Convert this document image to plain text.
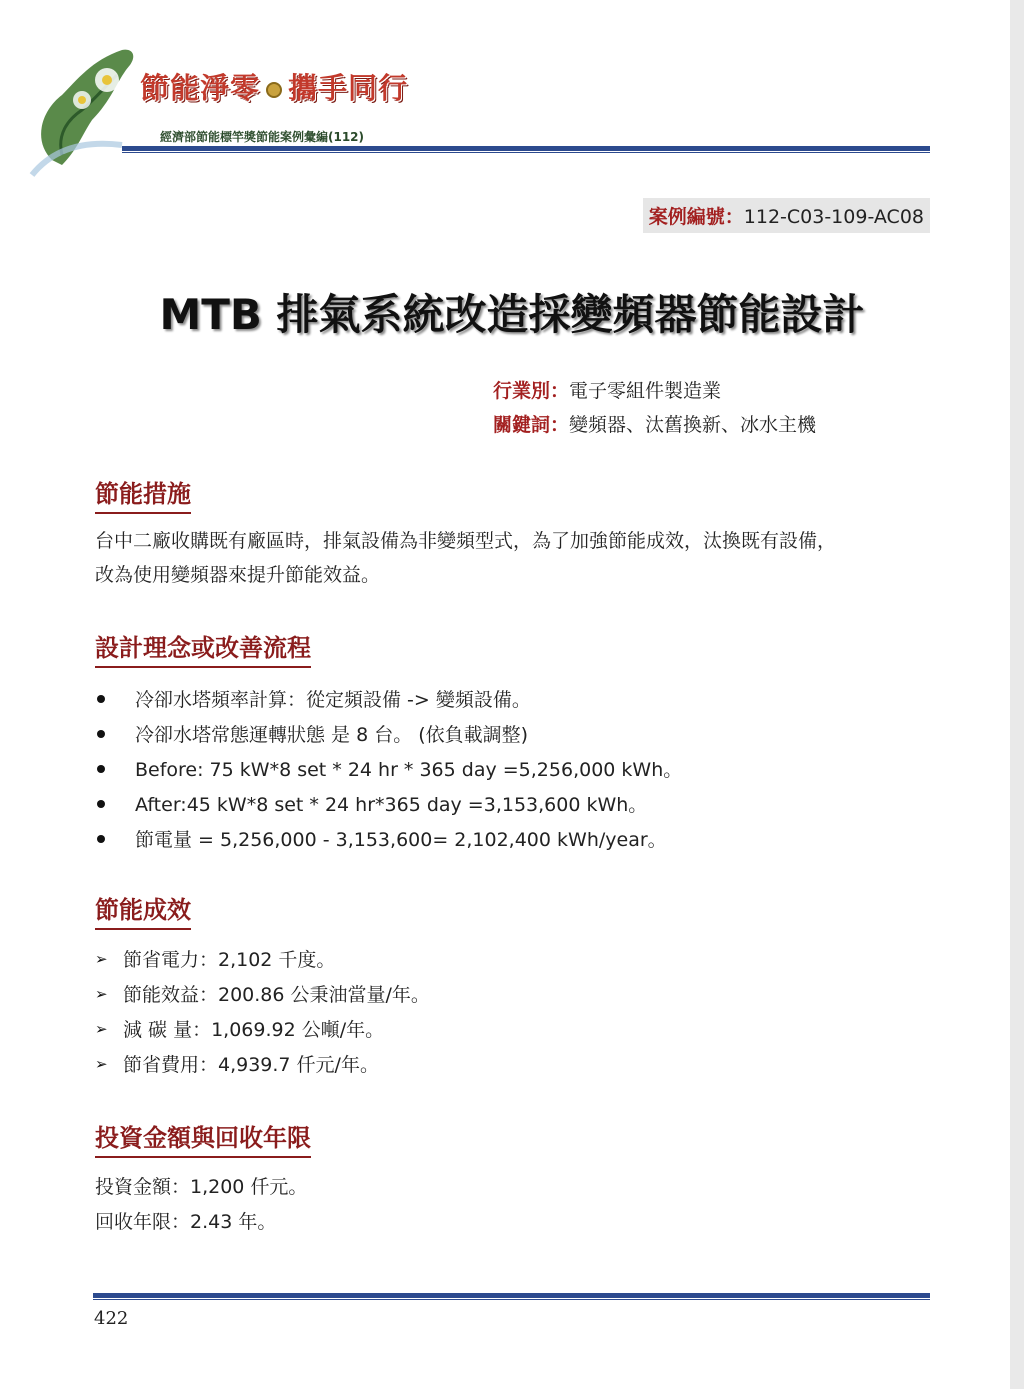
節能淨零 攜手同行
經濟部節能標竿獎節能案例彙編(112)
案例編號：112-C03-109-AC08
MTB 排氣系統改造採變頻器節能設計
行業別：電子零組件製造業
關鍵詞：變頻器、汰舊換新、冰水主機
節能措施
台中二廠收購既有廠區時，排氣設備為非變頻型式，為了加強節能成效，汰換既有設備，
改為使用變頻器來提升節能效益。
設計理念或改善流程
冷卻水塔頻率計算：從定頻設備 -> 變頻設備。
冷卻水塔常態運轉狀態 是 8 台。 (依負載調整)
Before: 75 kW*8 set * 24 hr * 365 day =5,256,000 kWh。
After:45 kW*8 set * 24 hr*365 day =3,153,600 kWh。
節電量 = 5,256,000 - 3,153,600= 2,102,400 kWh/year。
節能成效
➢ 節省電力：2,102 千度。
➢ 節能效益：200.86 公秉油當量/年。
➢ 減 碳 量：1,069.92 公噸/年。
➢ 節省費用：4,939.7 仟元/年。
投資金額與回收年限
投資金額：1,200 仟元。
回收年限：2.43 年。
422
